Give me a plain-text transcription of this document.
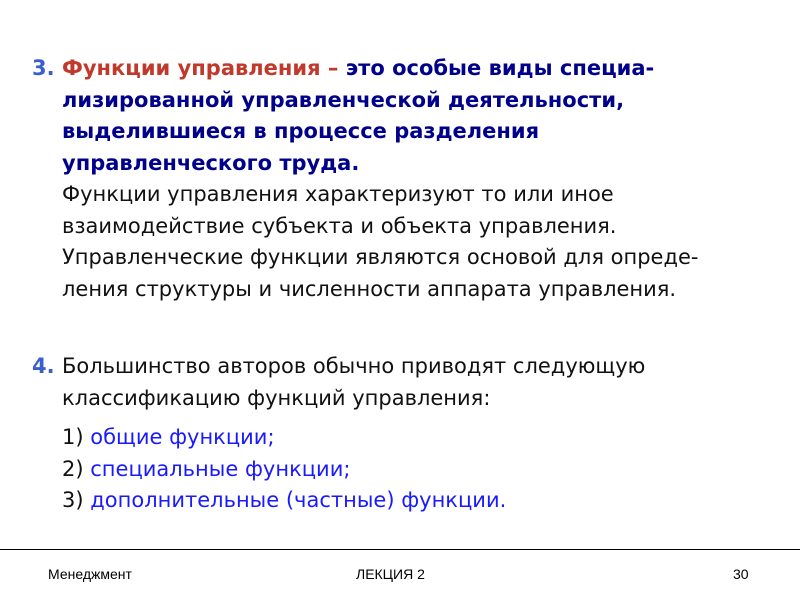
3. Функции управления – это особые виды специа-
лизированной управленческой деятельности,
выделившиеся в процессе разделения
управленческого труда.
Функции управления характеризуют то или иное
взаимодействие субъекта и объекта управления.
Управленческие функции являются основой для опреде-
ления структуры и численности аппарата управления.
4. Большинство авторов обычно приводят следующую
классификацию функций управления:
1) общие функции;
2) специальные функции;
3) дополнительные (частные) функции.
Менеджмент	ЛЕКЦИЯ 2	30
